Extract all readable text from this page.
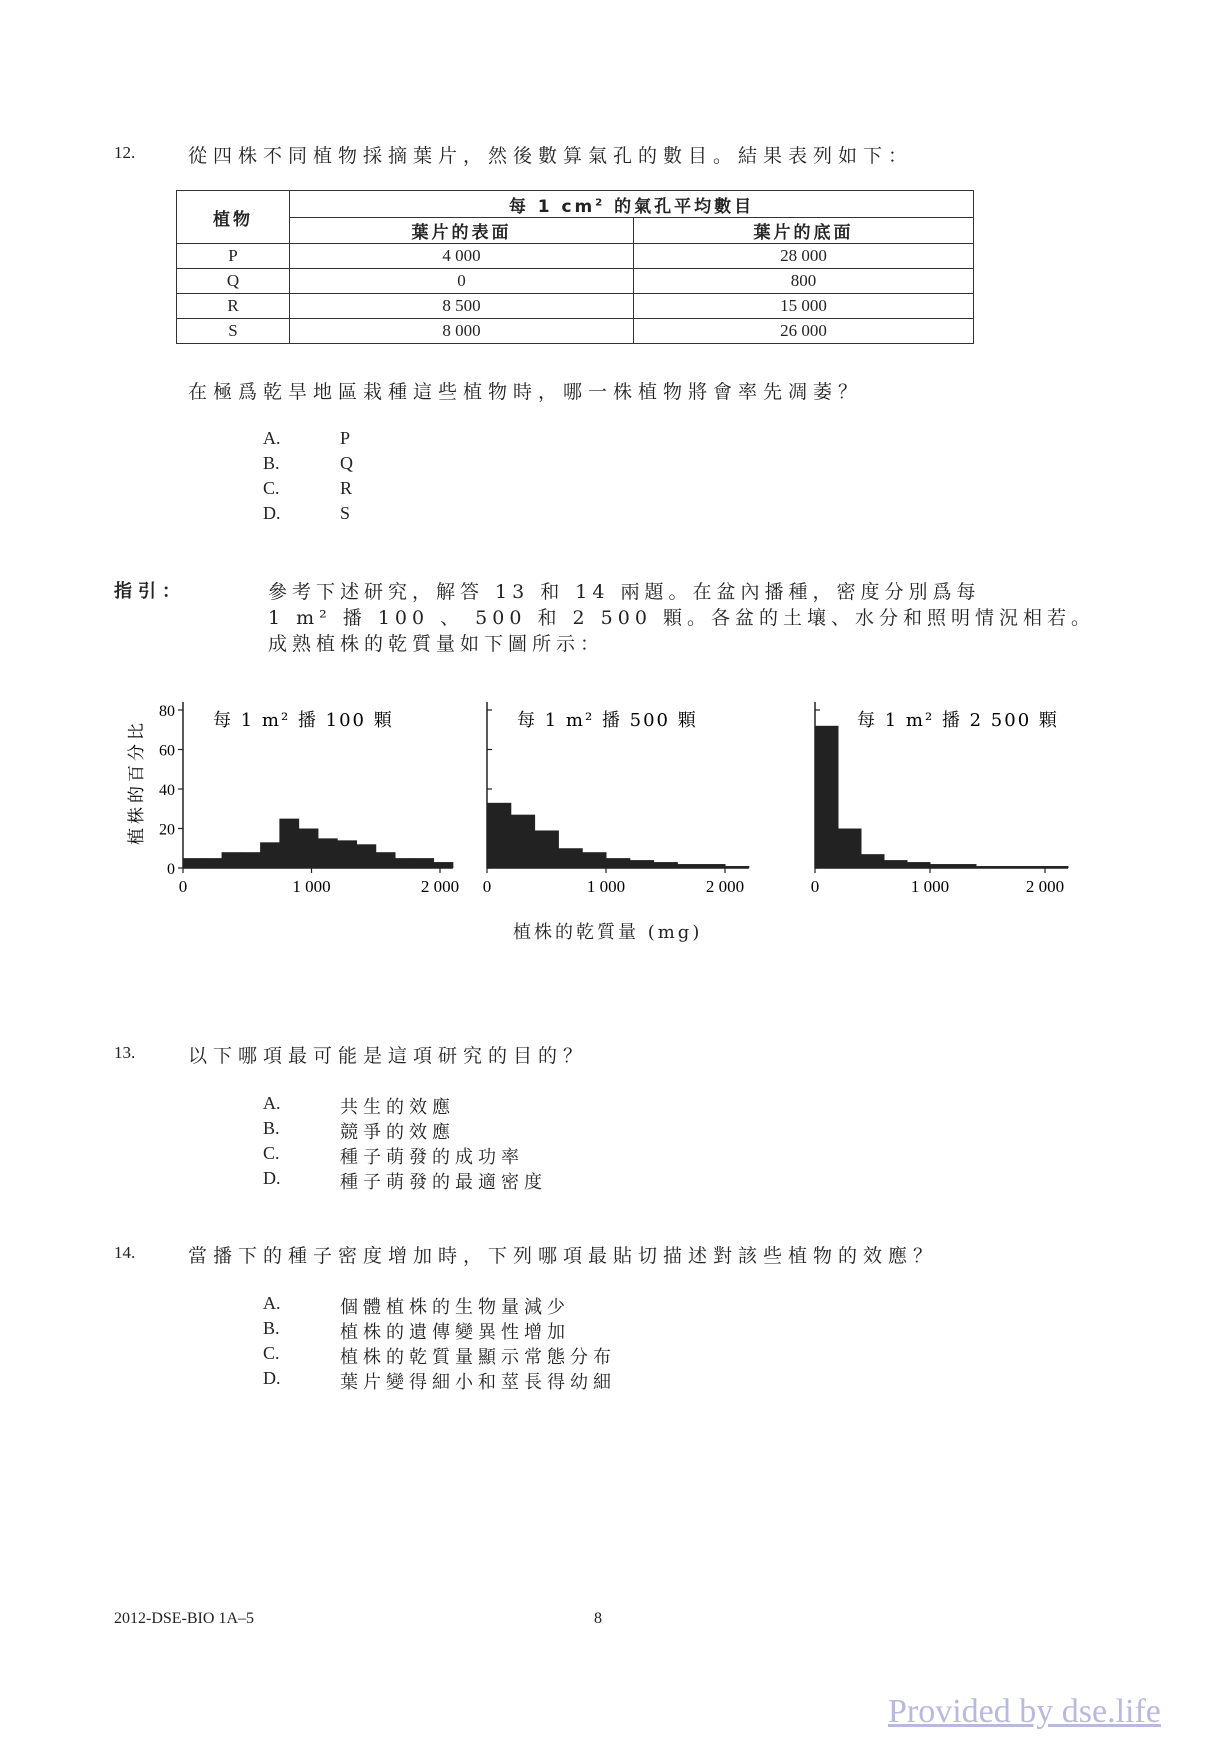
12.	從四株不同植物採摘葉片，然後數算氣孔的數目。結果表列如下：
植物	每 1 $cm^2$ 的氣孔平均數目	
	葉片的表面	葉片的底面
P	4 000	28 000
Q	0	800
R	8 500	15 000
S	8 000	26 000
在極爲乾旱地區栽種這些植物時，哪一株植物將會率先凋萎？
A.	P
B.	Q
C.	R
D.	S
指引：	參考下述研究，解答 13 和 14 兩題。在盆內播種，密度分別爲每
1 m² 播 100 、 500 和 2 500 顆。各盆的土壤、水分和照明情況相若。
成熟植株的乾質量如下圖所示：
植株的百分比
0
20
40
60
80
0	1 000	2 000
每 1 m² 播 100 顆
0	1 000	2 000
每 1 m² 播 500 顆
0	1 000	2 000
每 1 m² 播 2 500 顆
植株的乾質量 (mg)
13.	以下哪項最可能是這項研究的目的？
A.	共生的效應
B.	競爭的效應
C.	種子萌發的成功率
D.	種子萌發的最適密度
14.	當播下的種子密度增加時，下列哪項最貼切描述對該些植物的效應？
A.	個體植株的生物量減少
B.	植株的遺傳變異性增加
C.	植株的乾質量顯示常態分布
D.	葉片變得細小和莖長得幼細
2012-DSE-BIO 1A–5	8
Provided by dse.life
